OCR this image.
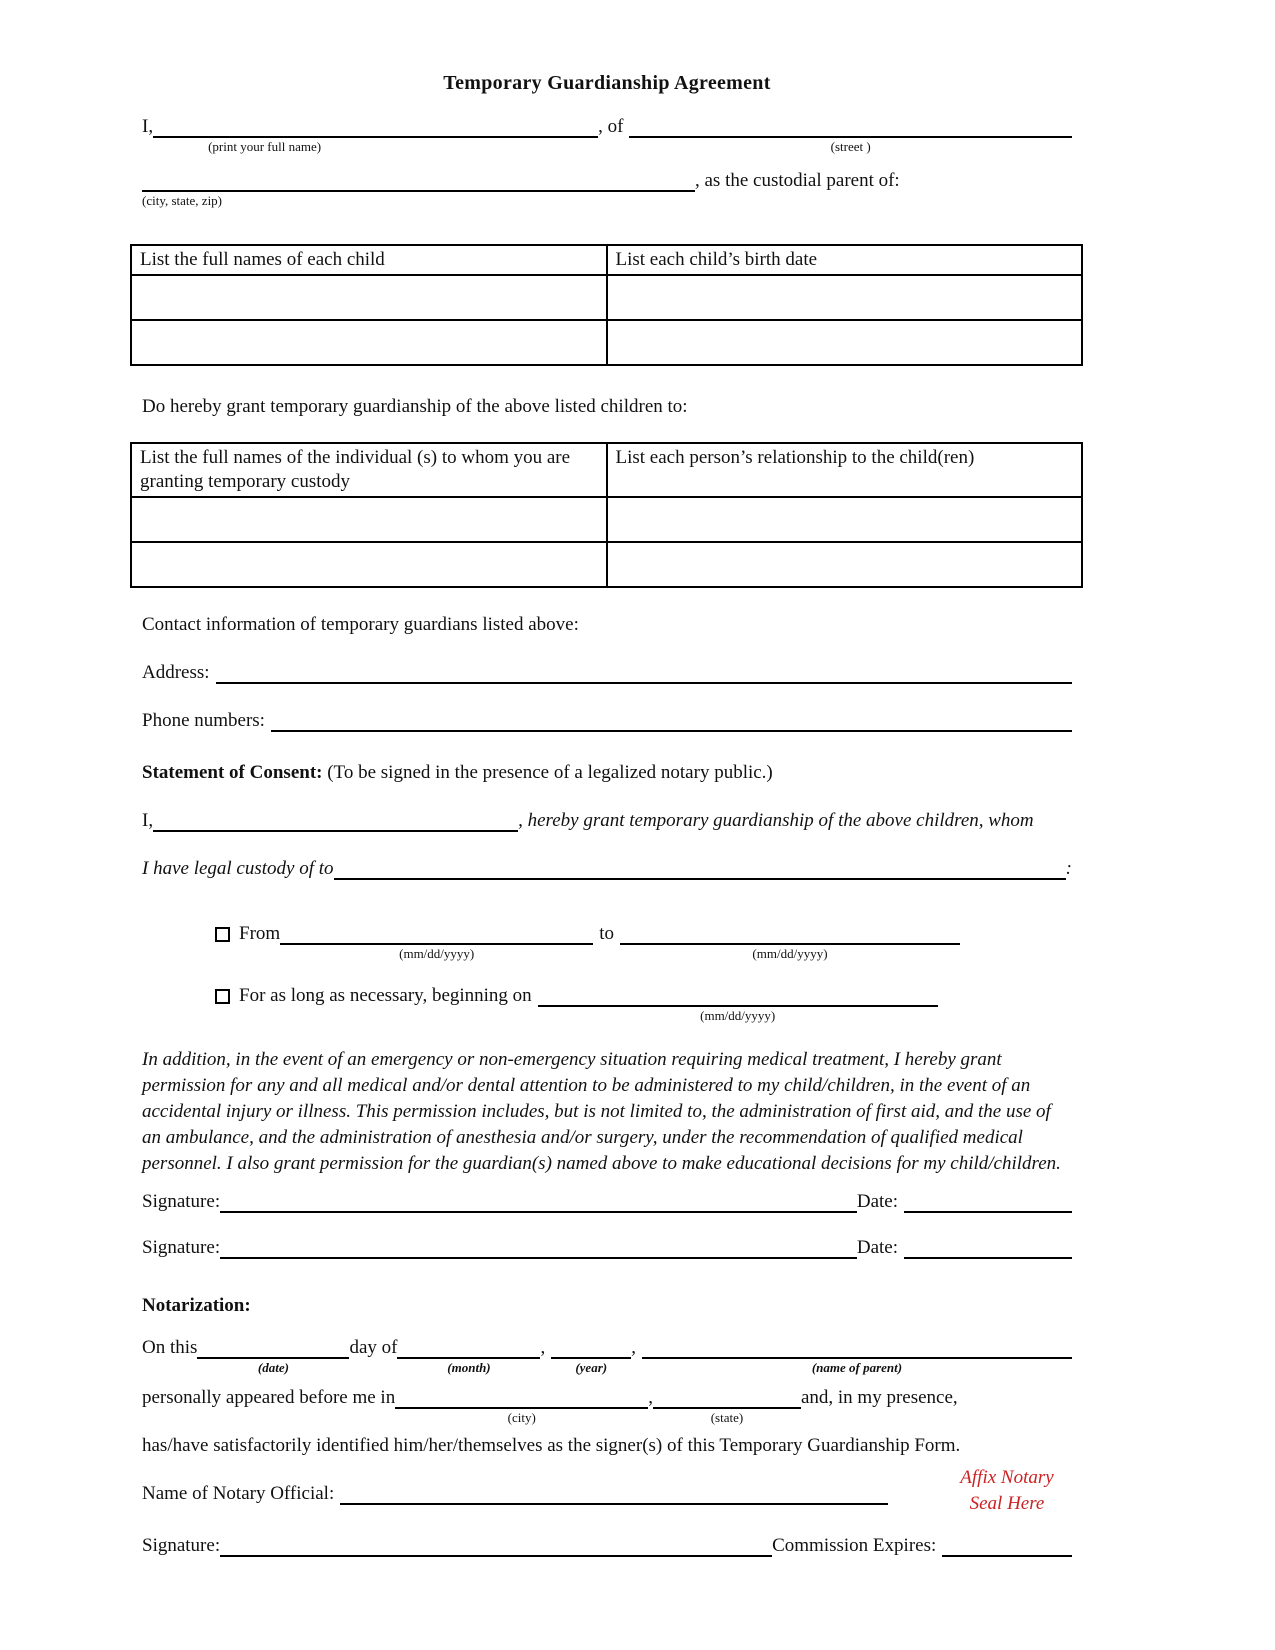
Temporary Guardianship Agreement
I,
(print your full name)
, of
(street )
(city, state, zip)
, as the custodial parent of:
List the full names of each child	List each child’s birth date

Do hereby grant temporary guardianship of the above listed children to:
List the full names of the individual (s) to whom you are granting temporary custody	List each person’s relationship to the child(ren)

Contact information of temporary guardians listed above:
Address:
Phone numbers:
Statement of Consent: (To be signed in the presence of a legalized notary public.)
I,	, hereby grant temporary guardianship of the above children, whom
I have legal custody of to	:
From
(mm/dd/yyyy)
to
(mm/dd/yyyy)
For as long as necessary, beginning on
(mm/dd/yyyy)
In addition, in the event of an emergency or non-emergency situation requiring medical treatment, I hereby grant permission for any and all medical and/or dental attention to be administered to my child/children, in the event of an accidental injury or illness. This permission includes, but is not limited to, the administration of first aid, and the use of an ambulance, and the administration of anesthesia and/or surgery, under the recommendation of qualified medical personnel. I also grant permission for the guardian(s) named above to make educational decisions for my child/children.
Signature:	Date:
Signature:	Date:
Notarization:
On this
(date)
day of
(month)
,
(year)
,
(name of parent)
personally appeared before me in
(city)
,
(state)
and, in my presence,
has/have satisfactorily identified him/her/themselves as the signer(s) of this Temporary Guardianship Form.
Name of Notary Official:
Affix Notary
Seal Here
Signature:	Commission Expires:
